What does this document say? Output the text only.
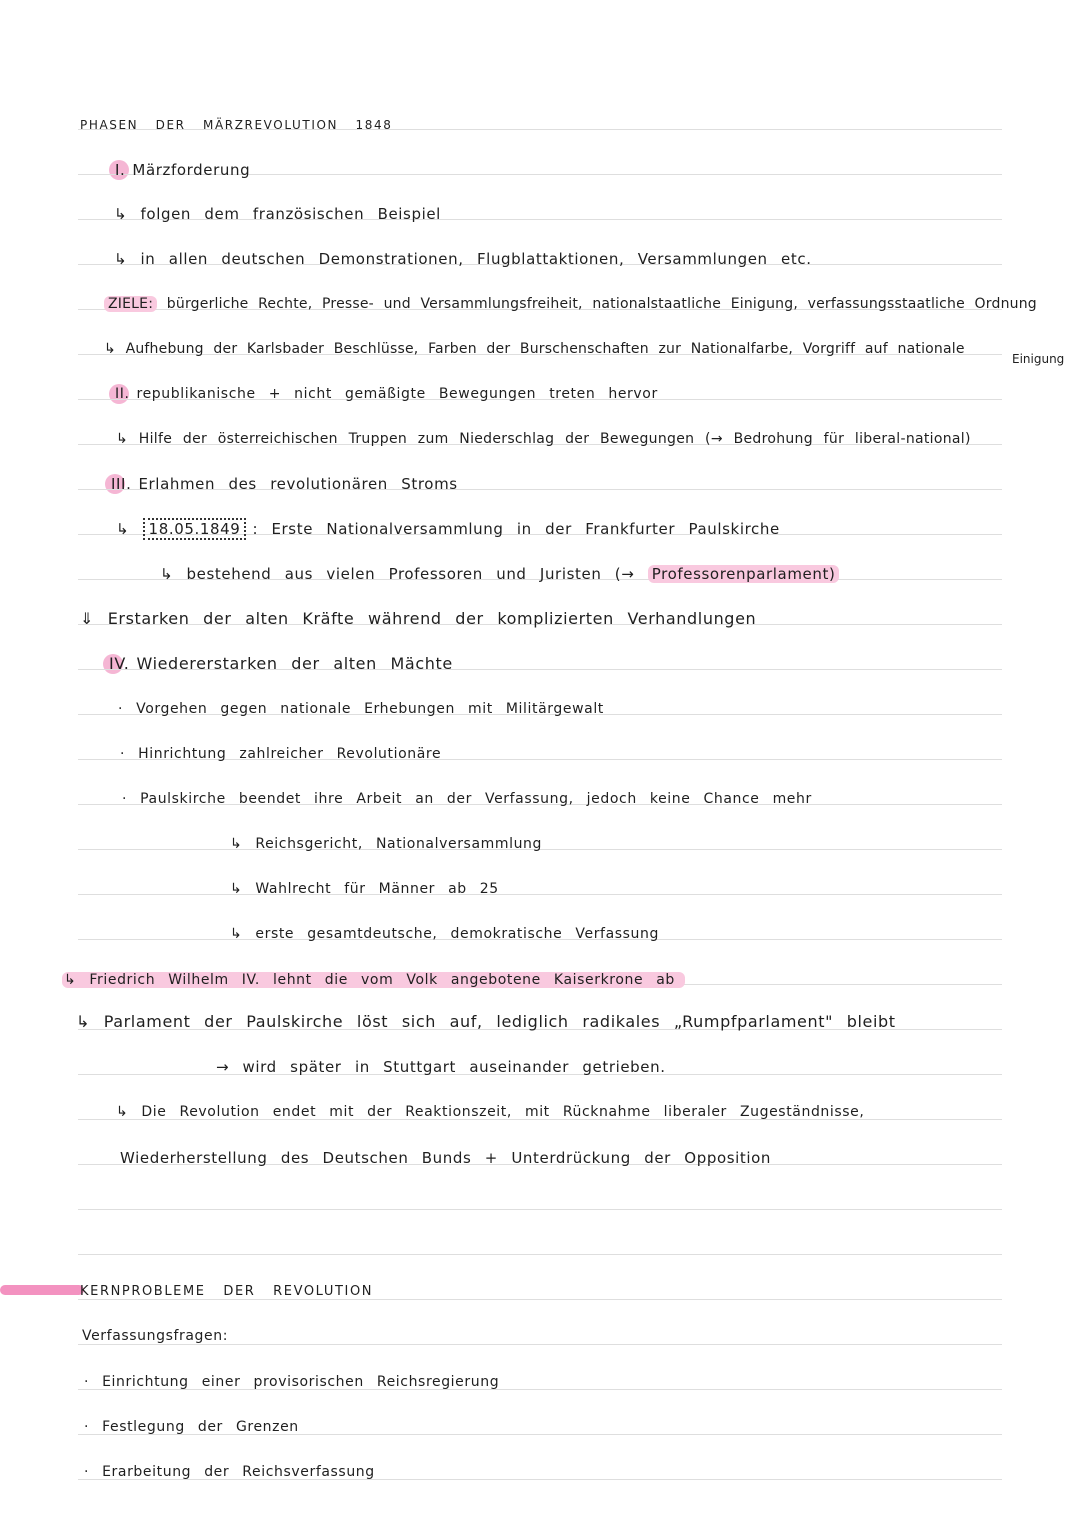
PHASEN DER MÄRZREVOLUTION 1848
I. Märzforderung
↳ folgen dem französischen Beispiel
↳ in allen deutschen Demonstrationen, Flugblattaktionen, Versammlungen etc.
ZIELE: bürgerliche Rechte, Presse- und Versammlungsfreiheit, nationalstaatliche Einigung, verfassungsstaatliche Ordnung
↳ Aufhebung der Karlsbader Beschlüsse, Farben der Burschenschaften zur Nationalfarbe, Vorgriff auf nationale
Einigung
II. republikanische + nicht gemäßigte Bewegungen treten hervor
↳ Hilfe der österreichischen Truppen zum Niederschlag der Bewegungen (→ Bedrohung für liberal-national)
III. Erlahmen des revolutionären Stroms
↳ 18.05.1849 : Erste Nationalversammlung in der Frankfurter Paulskirche
↳ bestehend aus vielen Professoren und Juristen (→ Professorenparlament)
⇓ Erstarken der alten Kräfte während der komplizierten Verhandlungen
IV. Wiedererstarken der alten Mächte
· Vorgehen gegen nationale Erhebungen mit Militärgewalt
· Hinrichtung zahlreicher Revolutionäre
· Paulskirche beendet ihre Arbeit an der Verfassung, jedoch keine Chance mehr
↳ Reichsgericht, Nationalversammlung
↳ Wahlrecht für Männer ab 25
↳ erste gesamtdeutsche, demokratische Verfassung
↳ Friedrich Wilhelm IV. lehnt die vom Volk angebotene Kaiserkrone ab
↳ Parlament der Paulskirche löst sich auf, lediglich radikales „Rumpfparlament" bleibt
→ wird später in Stuttgart auseinander getrieben.
↳ Die Revolution endet mit der Reaktionszeit, mit Rücknahme liberaler Zugeständnisse,
Wiederherstellung des Deutschen Bunds + Unterdrückung der Opposition
KERNPROBLEME DER REVOLUTION
Verfassungsfragen:
· Einrichtung einer provisorischen Reichsregierung
· Festlegung der Grenzen
· Erarbeitung der Reichsverfassung
